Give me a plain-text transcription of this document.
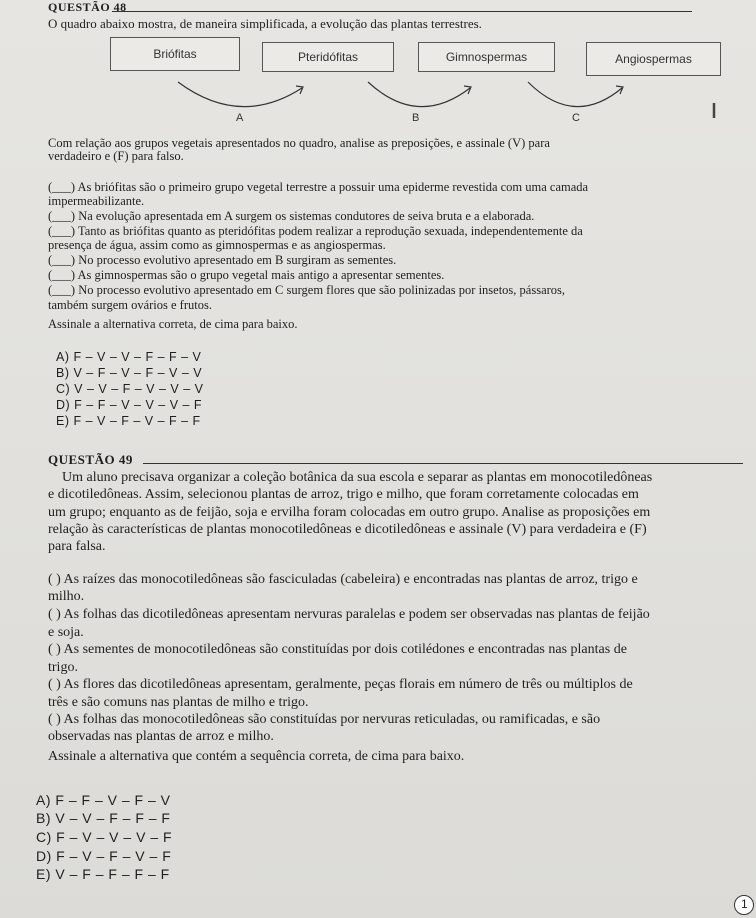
QUESTÃO 48
O quadro abaixo mostra, de maneira simplificada, a evolução das plantas terrestres.
Briófitas	Pteridófitas	Gimnospermas	Angiospermas
A	B	C
Com relação aos grupos vegetais apresentados no quadro, analise as preposições, e assinale (V) para
verdadeiro e (F) para falso.
(___) As briófitas são o primeiro grupo vegetal terrestre a possuir uma epiderme revestida com uma camada
impermeabilizante.
(___) Na evolução apresentada em A surgem os sistemas condutores de seiva bruta e a elaborada.
(___) Tanto as briófitas quanto as pteridófitas podem realizar a reprodução sexuada, independentemente da
presença de água, assim como as gimnospermas e as angiospermas.
(___) No processo evolutivo apresentado em B surgiram as sementes.
(___) As gimnospermas são o grupo vegetal mais antigo a apresentar sementes.
(___) No processo evolutivo apresentado em C surgem flores que são polinizadas por insetos, pássaros,
também surgem ovários e frutos.
Assinale a alternativa correta, de cima para baixo.
A) F – V – V – F – F – V
B) V – F – V – F – V – V
C) V – V – F – V – V – V
D) F – F – V – V – V – F
E) F – V – F – V – F – F
QUESTÃO 49
Um aluno precisava organizar a coleção botânica da sua escola e separar as plantas em monocotiledôneas
e dicotiledôneas. Assim, selecionou plantas de arroz, trigo e milho, que foram corretamente colocadas em
um grupo; enquanto as de feijão, soja e ervilha foram colocadas em outro grupo. Analise as proposições em
relação às características de plantas monocotiledôneas e dicotiledôneas e assinale (V) para verdadeira e (F)
para falsa.
( ) As raízes das monocotiledôneas são fasciculadas (cabeleira) e encontradas nas plantas de arroz, trigo e
milho.
( ) As folhas das dicotiledôneas apresentam nervuras paralelas e podem ser observadas nas plantas de feijão
e soja.
( ) As sementes de monocotiledôneas são constituídas por dois cotilédones e encontradas nas plantas de
trigo.
( ) As flores das dicotiledôneas apresentam, geralmente, peças florais em número de três ou múltiplos de
três e são comuns nas plantas de milho e trigo.
( ) As folhas das monocotiledôneas são constituídas por nervuras reticuladas, ou ramificadas, e são
observadas nas plantas de arroz e milho.
Assinale a alternativa que contém a sequência correta, de cima para baixo.
A) F – F – V – F – V
B) V – V – F – F – F
C) F – V – V – V – F
D) F – V – F – V – F
E) V – F – F – F – F
1
